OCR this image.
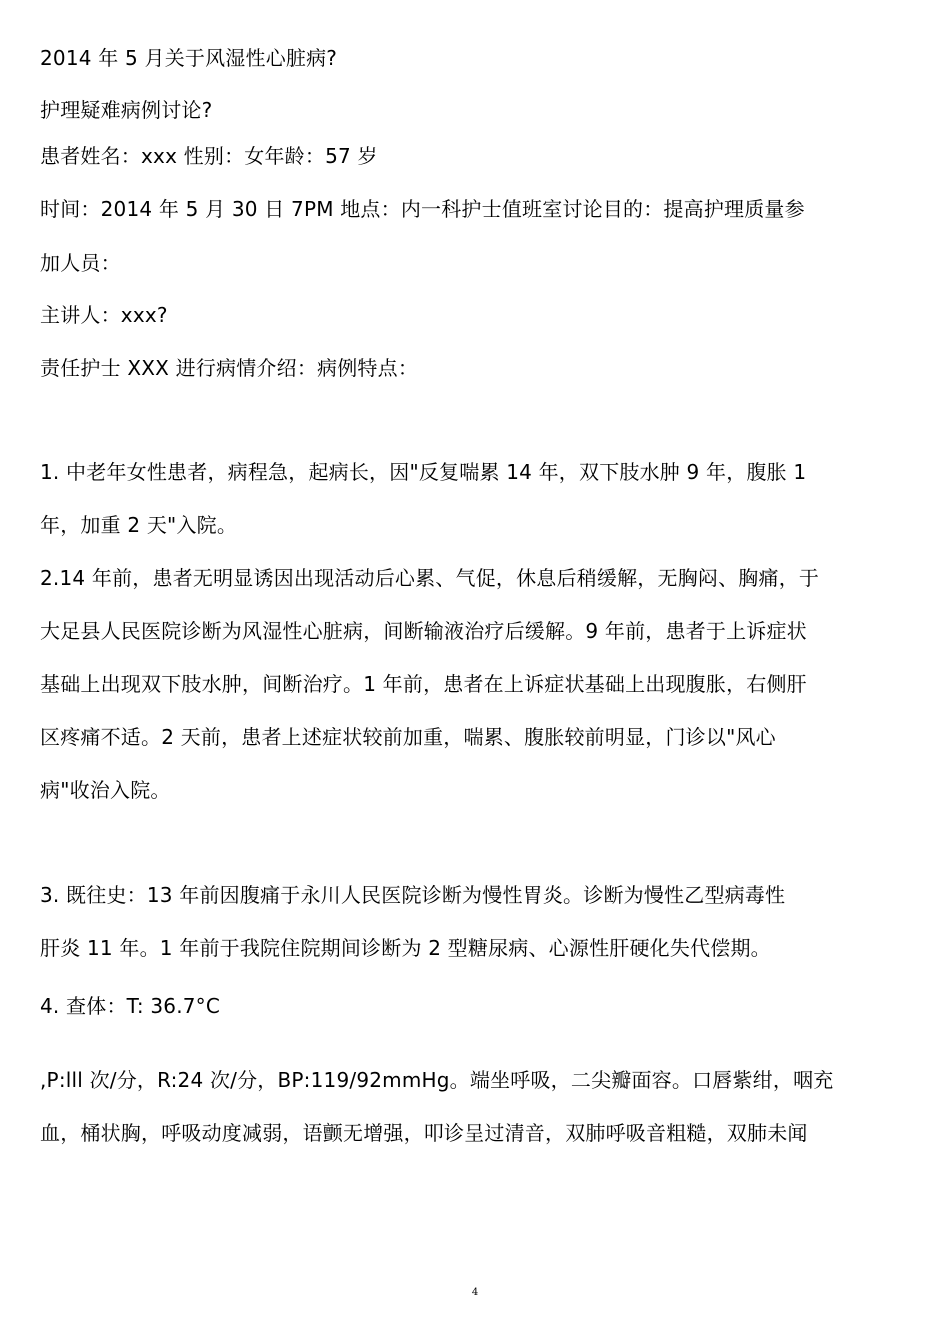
2014 年 5 月关于风湿性心脏病?
护理疑难病例讨论?
患者姓名：xxx 性别：女年龄：57 岁
时间：2014 年 5 月 30 日 7PM 地点：内一科护士值班室讨论目的：提高护理质量参
加人员：
主讲人：xxx?
责任护士 XXX 进行病情介绍：病例特点：
1. 中老年女性患者，病程急，起病长，因"反复喘累 14 年，双下肢水肿 9 年，腹胀 1
年，加重 2 天"入院。
2.14 年前，患者无明显诱因出现活动后心累、气促，休息后稍缓解，无胸闷、胸痛，于
大足县人民医院诊断为风湿性心脏病，间断输液治疗后缓解。9 年前，患者于上诉症状
基础上出现双下肢水肿，间断治疗。1 年前，患者在上诉症状基础上出现腹胀，右侧肝
区疼痛不适。2 天前，患者上述症状较前加重，喘累、腹胀较前明显，门诊以"风心
病"收治入院。
3. 既往史：13 年前因腹痛于永川人民医院诊断为慢性胃炎。诊断为慢性乙型病毒性
肝炎 11 年。1 年前于我院住院期间诊断为 2 型糖尿病、心源性肝硬化失代偿期。
4. 查体：T: 36.7°C
,P:lll 次/分，R:24 次/分，BP:119/92mmHg。端坐呼吸，二尖瓣面容。口唇紫绀，咽充
血，桶状胸，呼吸动度减弱，语颤无增强，叩诊呈过清音，双肺呼吸音粗糙，双肺未闻
4
